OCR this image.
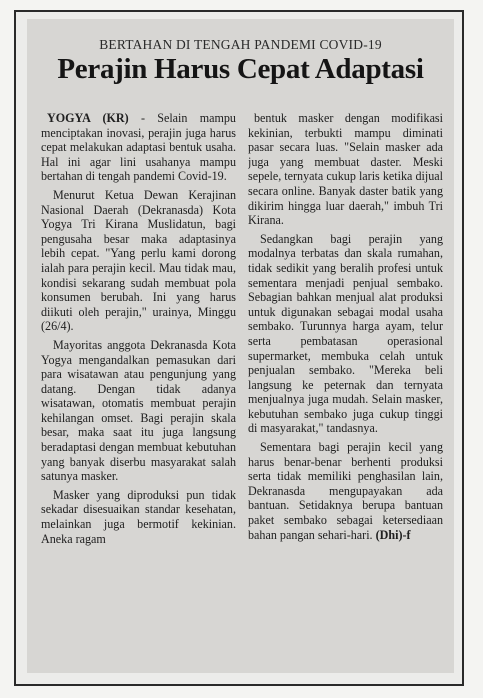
BERTAHAN DI TENGAH PANDEMI COVID-19
Perajin Harus Cepat Adaptasi

YOGYA (KR) - Selain mampu menciptakan inovasi, perajin juga harus cepat melakukan adaptasi bentuk usaha. Hal ini agar lini usahanya mampu bertahan di tengah pandemi Covid-19.

Menurut Ketua Dewan Kerajinan Nasional Daerah (Dekranasda) Kota Yogya Tri Kirana Muslidatun, bagi pengusaha besar maka adaptasinya lebih cepat. "Yang perlu kami dorong ialah para perajin kecil. Mau tidak mau, kondisi sekarang sudah membuat pola konsumen berubah. Ini yang harus diikuti oleh perajin," urainya, Minggu (26/4).

Mayoritas anggota Dekranasda Kota Yogya mengandalkan pemasukan dari para wisatawan atau pengunjung yang datang. Dengan tidak adanya wisatawan, otomatis membuat perajin kehilangan omset. Bagi perajin skala besar, maka saat itu juga langsung beradaptasi dengan membuat kebutuhan yang banyak diserbu masyarakat salah satunya masker.

Masker yang diproduksi pun tidak sekadar disesuaikan standar kesehatan, melainkan juga bermotif kekinian. Aneka ragam

bentuk masker dengan modifikasi kekinian, terbukti mampu diminati pasar secara luas. "Selain masker ada juga yang membuat daster. Meski sepele, ternyata cukup laris ketika dijual secara online. Banyak daster batik yang dikirim hingga luar daerah," imbuh Tri Kirana.

Sedangkan bagi perajin yang modalnya terbatas dan skala rumahan, tidak sedikit yang beralih profesi untuk sementara menjadi penjual sembako. Sebagian bahkan menjual alat produksi untuk digunakan sebagai modal usaha sembako. Turunnya harga ayam, telur serta pembatasan operasional supermarket, membuka celah untuk penjualan sembako. "Mereka beli langsung ke peternak dan ternyata menjualnya juga mudah. Selain masker, kebutuhan sembako juga cukup tinggi di masyarakat," tandasnya.

Sementara bagi perajin kecil yang harus benar-benar berhenti produksi serta tidak memiliki penghasilan lain, Dekranasda mengupayakan ada bantuan. Setidaknya berupa bantuan paket sembako sebagai ketersediaan bahan pangan sehari-hari. (Dhi)-f
